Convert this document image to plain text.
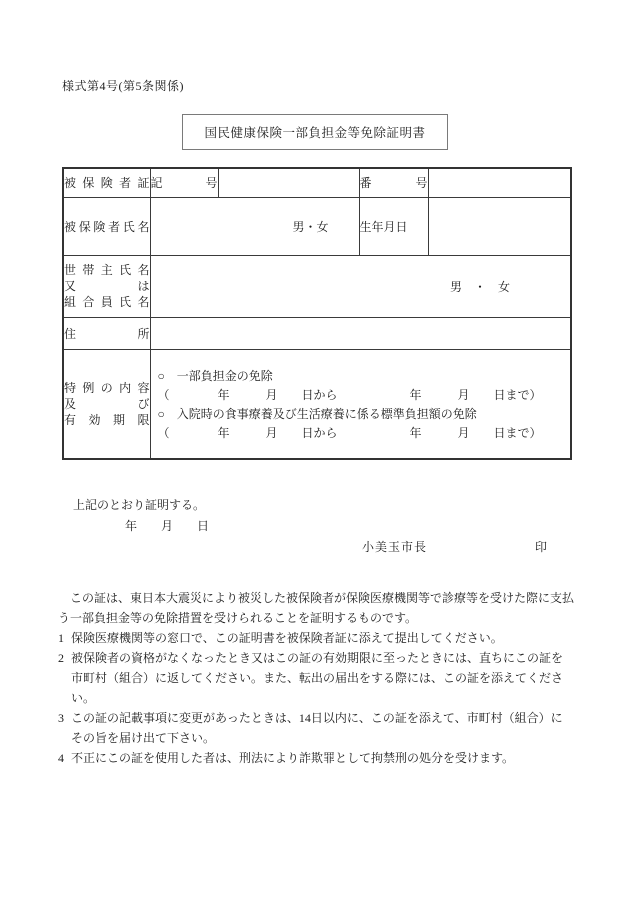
様式第4号(第5条関係)
国民健康保険一部負担金等免除証明書
被保険者証	記号		番号	
被保険者氏名	男・女		生年月日	

世帯主氏名
又は
組合員氏名	男　・　女			

住所				

特例の内容
及び
有効期限

○　一部負担金の免除
（　　　　年　　　月　　日から　　　　　　年　　　月　　日まで）
○　入院時の食事療養及び生活療養に係る標準負担額の免除
（　　　　年　　　月　　日から　　　　　　年　　　月　　日まで）
上記のとおり証明する。
年　　月　　日
小美玉市長	印

この証は、東日本大震災により被災した被保険者が保険医療機関等で診療等を受けた際に支払う一部負担金等の免除措置を受けられることを証明するものです。

1 保険医療機関等の窓口で、この証明書を被保険者証に添えて提出してください。
2 被保険者の資格がなくなったとき又はこの証の有効期限に至ったときには、直ちにこの証を市町村（組合）に返してください。また、転出の届出をする際には、この証を添えてください。
3 この証の記載事項に変更があったときは、14日以内に、この証を添えて、市町村（組合）にその旨を届け出て下さい。
4 不正にこの証を使用した者は、刑法により詐欺罪として拘禁刑の処分を受けます。
